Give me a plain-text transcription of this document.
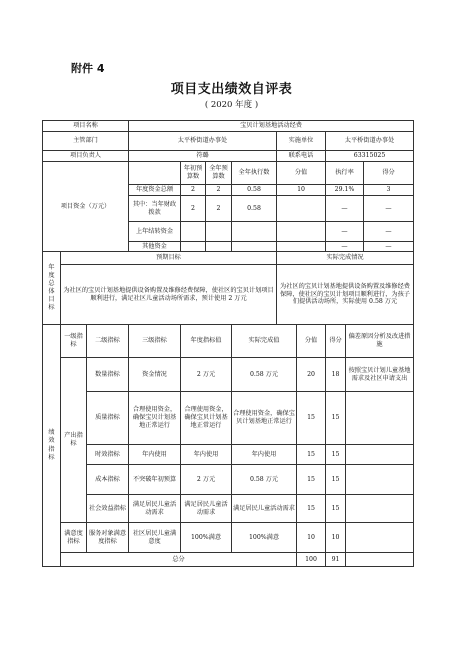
附件 4
项目支出绩效自评表
( 2020 年度 )
项目名称			宝贝计划基地活动经费								
主管部门			太平桥街道办事处				实施单位		太平桥街道办事处		
项目负责人			符璐				联系电话		63315025		
项目资金（万元）				年初预算数	全年预算数	全年执行数	分值		执行率		得分
			年度资金总额	2	2	0.58	10		29.1%		3
			其中：当年财政拨款	2	2	0.58			—		—
			上年结转资金						—		—
			其他资金						—		—
年度总体目标	预期目标						实际完成情况				
	为社区的宝贝计划基地提供设备购置及维修经费保障，使社区的宝贝计划项目顺利进行，满足社区儿童活动场所需求，预计使用 2 万元						为社区的宝贝计划基地提供设备购置及维修经费保障，使社区的宝贝计划项目顺利进行，为孩子们提供活动场所，实际使用 0.58 万元				
绩效指标	一级指标	二级指标	三级指标	年度指标值		实际完成值		分值	得分	偏差原因分析及改进措施	
	产出指标	数量指标	资金情况	2 万元		0.58 万元		20	18	按照宝贝计划儿童基地需求及社区申请支出	
		质量指标	合理使用资金，确保宝贝计划基地正常运行	合理使用资金，确保宝贝计划基地正常运行		合理使用资金，确保宝贝计划基地正常运行		15	15		
		时效指标	年内使用	年内使用		年内使用		15	15		
		成本指标	不突破年初预算	2 万元		0.58 万元		15	15		
		社会效益指标	满足居民儿童活动需求	满足居民儿童活动需求		满足居民儿童活动需求		15	15		
	满意度指标	服务对象满意度指标	社区居民儿童满意度	100%满意		100%满意		10	10		
	总分							100	91		
